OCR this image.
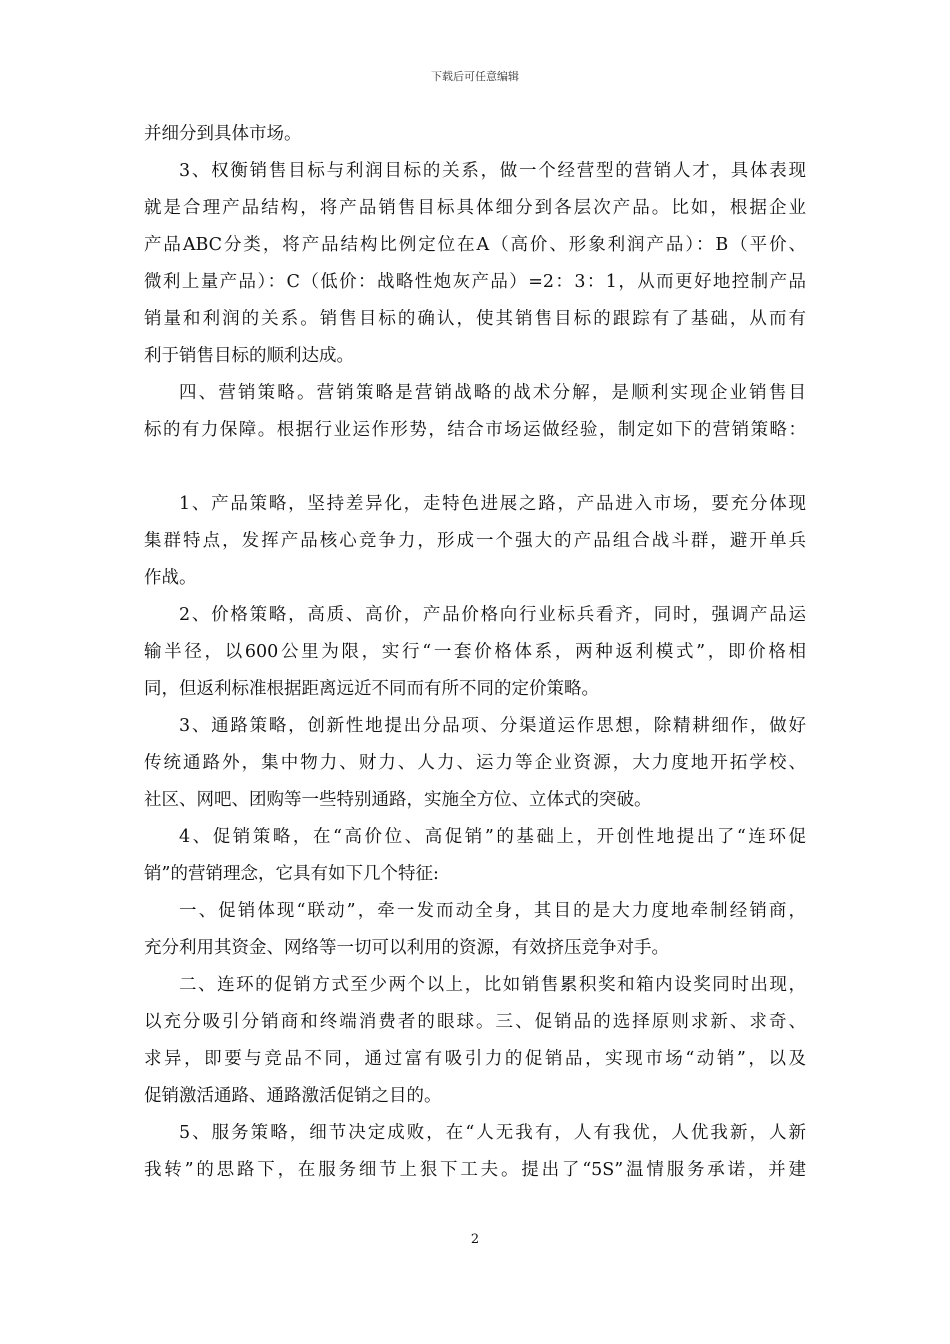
下载后可任意编辑
并细分到具体市场。
3、权衡销售目标与利润目标的关系，做一个经营型的营销人才，具体表现
就是合理产品结构，将产品销售目标具体细分到各层次产品。比如，根据企业
产品ABC分类，将产品结构比例定位在A（高价、形象利润产品）：B（平价、
微利上量产品）：C（低价：战略性炮灰产品）=2：3：1，从而更好地控制产品
销量和利润的关系。销售目标的确认，使其销售目标的跟踪有了基础，从而有
利于销售目标的顺利达成。
四、营销策略。营销策略是营销战略的战术分解，是顺利实现企业销售目
标的有力保障。根据行业运作形势，结合市场运做经验，制定如下的营销策略：
1、产品策略，坚持差异化，走特色进展之路，产品进入市场，要充分体现
集群特点，发挥产品核心竞争力，形成一个强大的产品组合战斗群，避开单兵
作战。
2、价格策略，高质、高价，产品价格向行业标兵看齐，同时，强调产品运
输半径，以600公里为限，实行“一套价格体系，两种返利模式”，即价格相
同，但返利标准根据距离远近不同而有所不同的定价策略。
3、通路策略，创新性地提出分品项、分渠道运作思想，除精耕细作，做好
传统通路外，集中物力、财力、人力、运力等企业资源，大力度地开拓学校、
社区、网吧、团购等一些特别通路，实施全方位、立体式的突破。
4、促销策略，在“高价位、高促销”的基础上，开创性地提出了“连环促
销”的营销理念，它具有如下几个特征:
一、促销体现“联动”，牵一发而动全身，其目的是大力度地牵制经销商，
充分利用其资金、网络等一切可以利用的资源，有效挤压竞争对手。
二、连环的促销方式至少两个以上，比如销售累积奖和箱内设奖同时出现，
以充分吸引分销商和终端消费者的眼球。三、促销品的选择原则求新、求奇、
求异，即要与竞品不同，通过富有吸引力的促销品，实现市场“动销”，以及
促销激活通路、通路激活促销之目的。
5、服务策略，细节决定成败，在“人无我有，人有我优，人优我新，人新
我转”的思路下，在服务细节上狠下工夫。提出了“5S”温情服务承诺，并建
2
